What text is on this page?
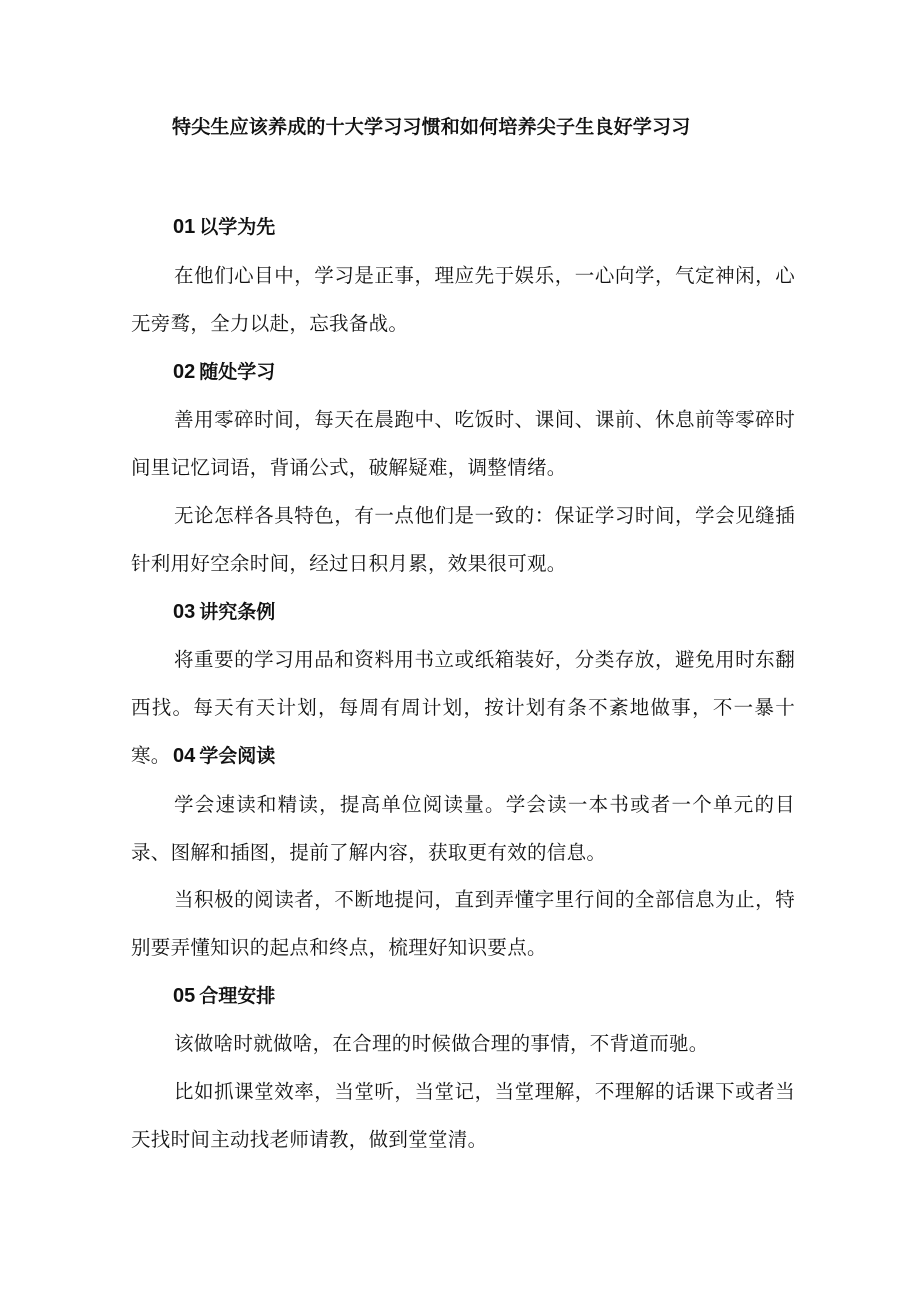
特尖生应该养成的十大学习习惯和如何培养尖子生良好学习习
01 以学为先

在他们心目中，学习是正事，理应先于娱乐，一心向学，气定神闲，心无旁骛，全力以赴，忘我备战。

02 随处学习

善用零碎时间，每天在晨跑中、吃饭时、课间、课前、休息前等零碎时间里记忆词语，背诵公式，破解疑难，调整情绪。

无论怎样各具特色，有一点他们是一致的：保证学习时间，学会见缝插针利用好空余时间，经过日积月累，效果很可观。

03 讲究条例

将重要的学习用品和资料用书立或纸箱装好，分类存放，避免用时东翻西找。每天有天计划，每周有周计划，按计划有条不紊地做事，不一暴十寒。 04 学会阅读

学会速读和精读，提高单位阅读量。学会读一本书或者一个单元的目录、图解和插图，提前了解内容，获取更有效的信息。

当积极的阅读者，不断地提问，直到弄懂字里行间的全部信息为止，特别要弄懂知识的起点和终点，梳理好知识要点。

05 合理安排

该做啥时就做啥，在合理的时候做合理的事情，不背道而驰。

比如抓课堂效率，当堂听，当堂记，当堂理解，不理解的话课下或者当天找时间主动找老师请教，做到堂堂清。
